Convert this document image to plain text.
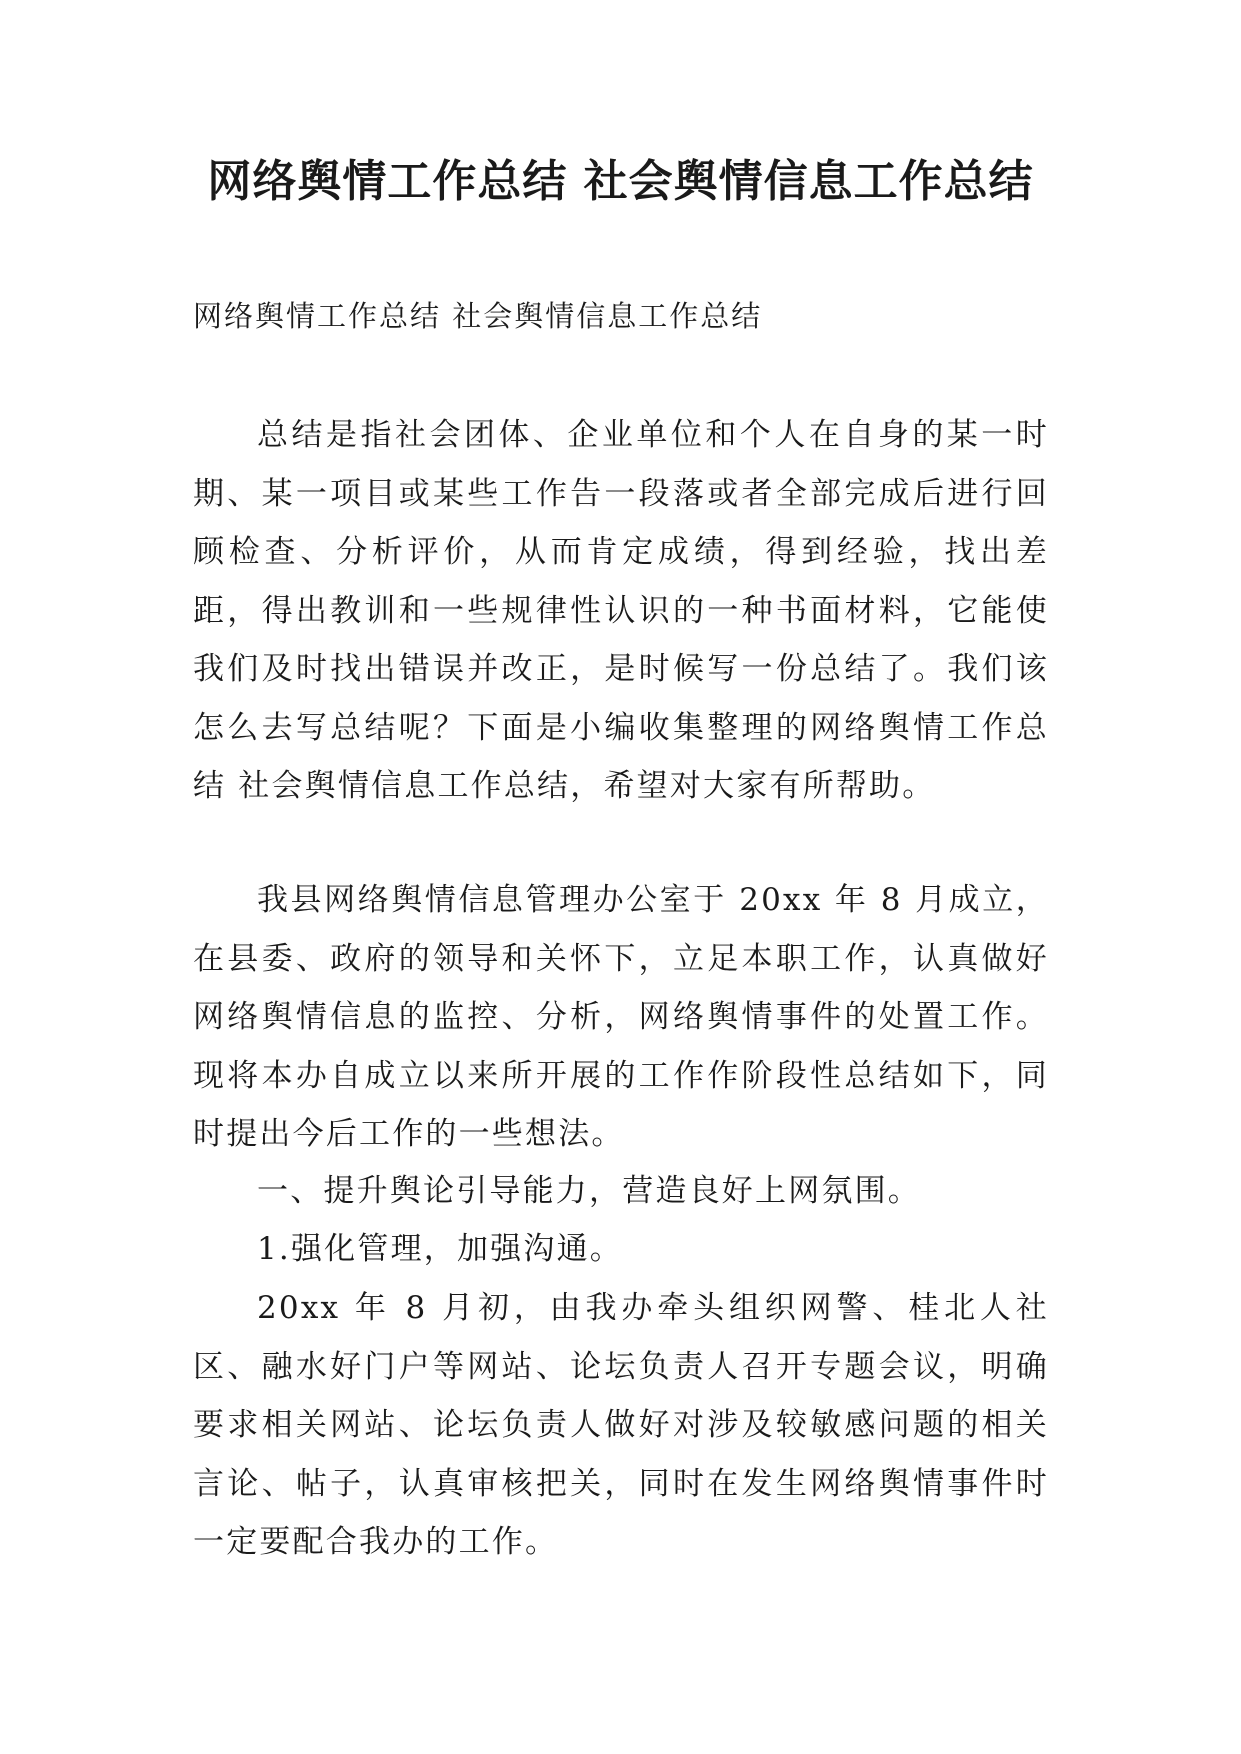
网络舆情工作总结 社会舆情信息工作总结

网络舆情工作总结 社会舆情信息工作总结

总结是指社会团体、企业单位和个人在自身的某一时期、某一项目或某些工作告一段落或者全部完成后进行回顾检查、分析评价，从而肯定成绩，得到经验，找出差距，得出教训和一些规律性认识的一种书面材料，它能使我们及时找出错误并改正，是时候写一份总结了。我们该怎么去写总结呢？下面是小编收集整理的网络舆情工作总结 社会舆情信息工作总结，希望对大家有所帮助。

我县网络舆情信息管理办公室于 20xx 年 8 月成立，在县委、政府的领导和关怀下，立足本职工作，认真做好网络舆情信息的监控、分析，网络舆情事件的处置工作。现将本办自成立以来所开展的工作作阶段性总结如下，同时提出今后工作的一些想法。

一、提升舆论引导能力，营造良好上网氛围。

1.强化管理，加强沟通。

20xx 年 8 月初，由我办牵头组织网警、桂北人社区、融水好门户等网站、论坛负责人召开专题会议，明确要求相关网站、论坛负责人做好对涉及较敏感问题的相关言论、帖子，认真审核把关，同时在发生网络舆情事件时一定要配合我办的工作。
